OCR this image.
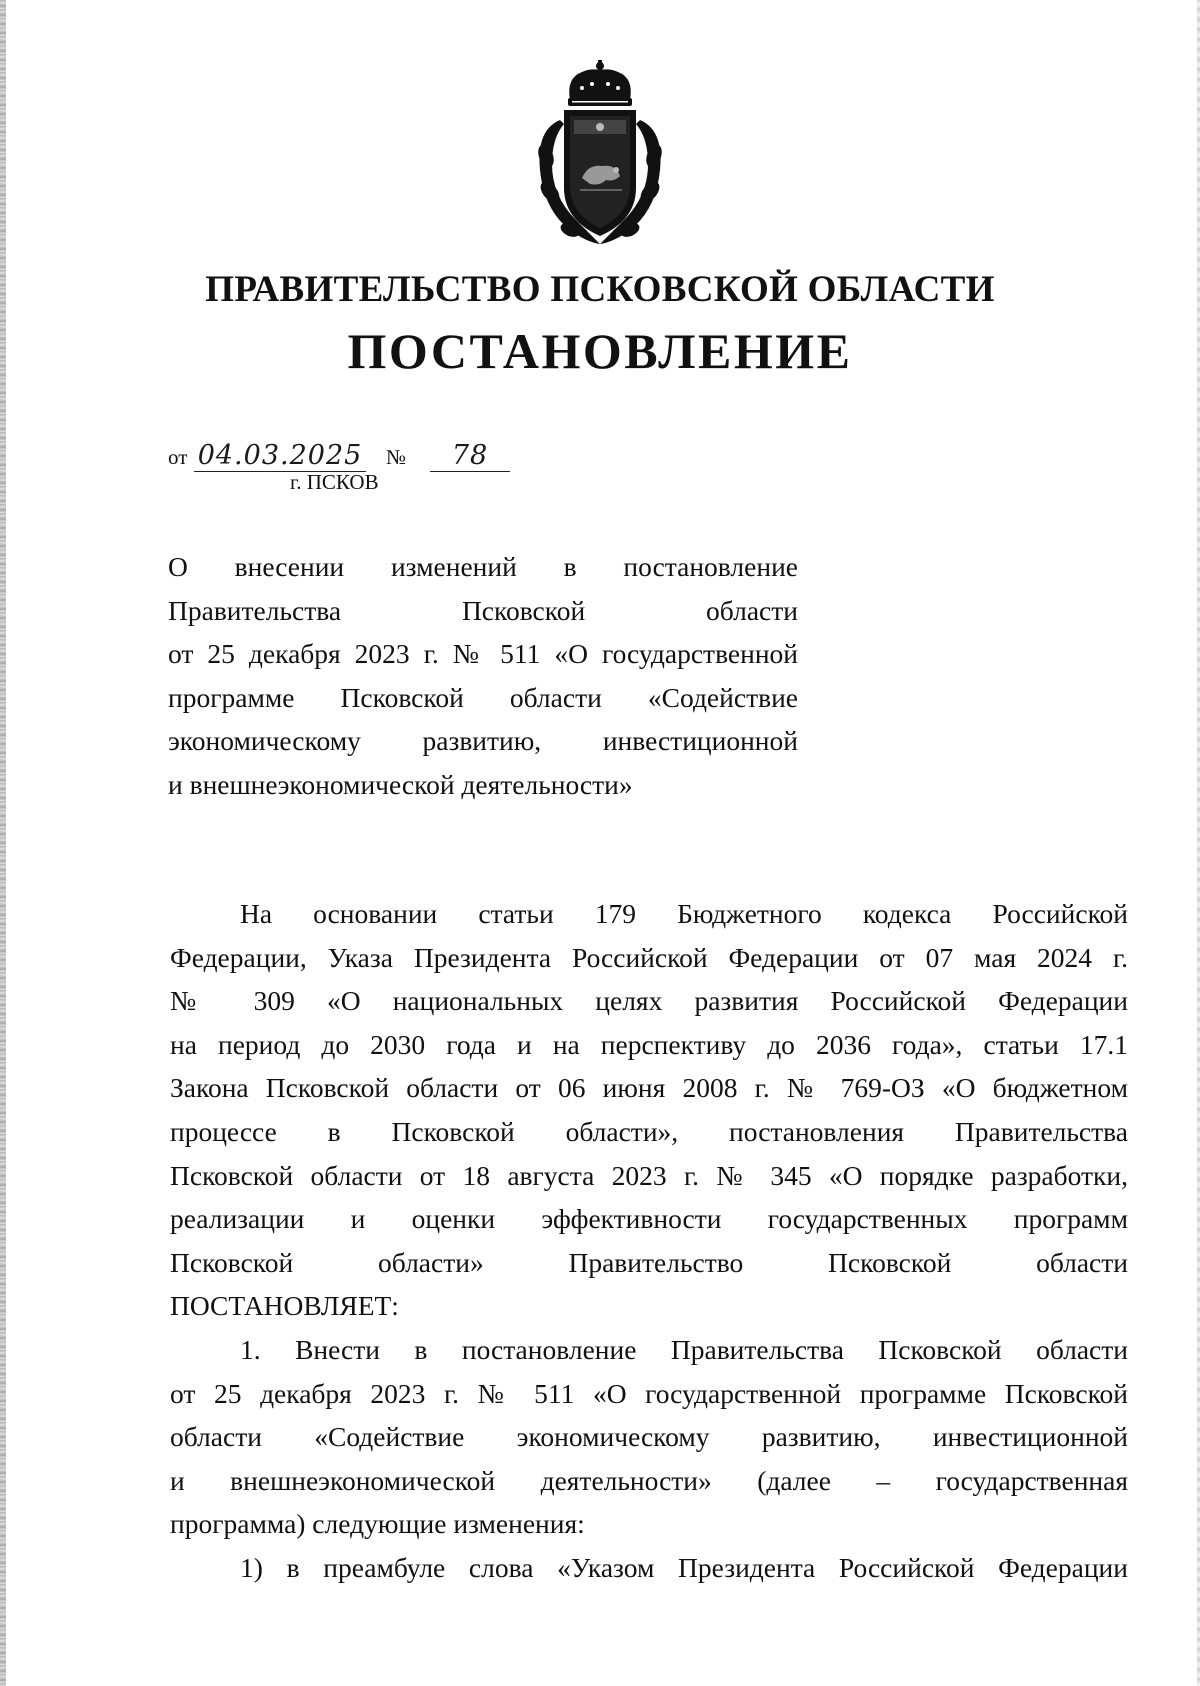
ПРАВИТЕЛЬСТВО ПСКОВСКОЙ ОБЛАСТИ
ПОСТАНОВЛЕНИЕ
от 04.03.2025 №	78
г. ПСКОВ
О внесении изменений в постановление
Правительства Псковской области
от 25 декабря 2023 г. № 511 «О государственной
программе Псковской области «Содействие
экономическому развитию, инвестиционной
и внешнеэкономической деятельности»
На основании статьи 179 Бюджетного кодекса Российской
Федерации, Указа Президента Российской Федерации от 07 мая 2024 г.
№ 309 «О национальных целях развития Российской Федерации
на период до 2030 года и на перспективу до 2036 года», статьи 17.1
Закона Псковской области от 06 июня 2008 г. № 769-ОЗ «О бюджетном
процессе в Псковской области», постановления Правительства
Псковской области от 18 августа 2023 г. № 345 «О порядке разработки,
реализации и оценки эффективности государственных программ
Псковской области» Правительство Псковской области
ПОСТАНОВЛЯЕТ:
1. Внести в постановление Правительства Псковской области
от 25 декабря 2023 г. № 511 «О государственной программе Псковской
области «Содействие экономическому развитию, инвестиционной
и внешнеэкономической деятельности» (далее – государственная
программа) следующие изменения:
1) в преамбуле слова «Указом Президента Российской Федерации
